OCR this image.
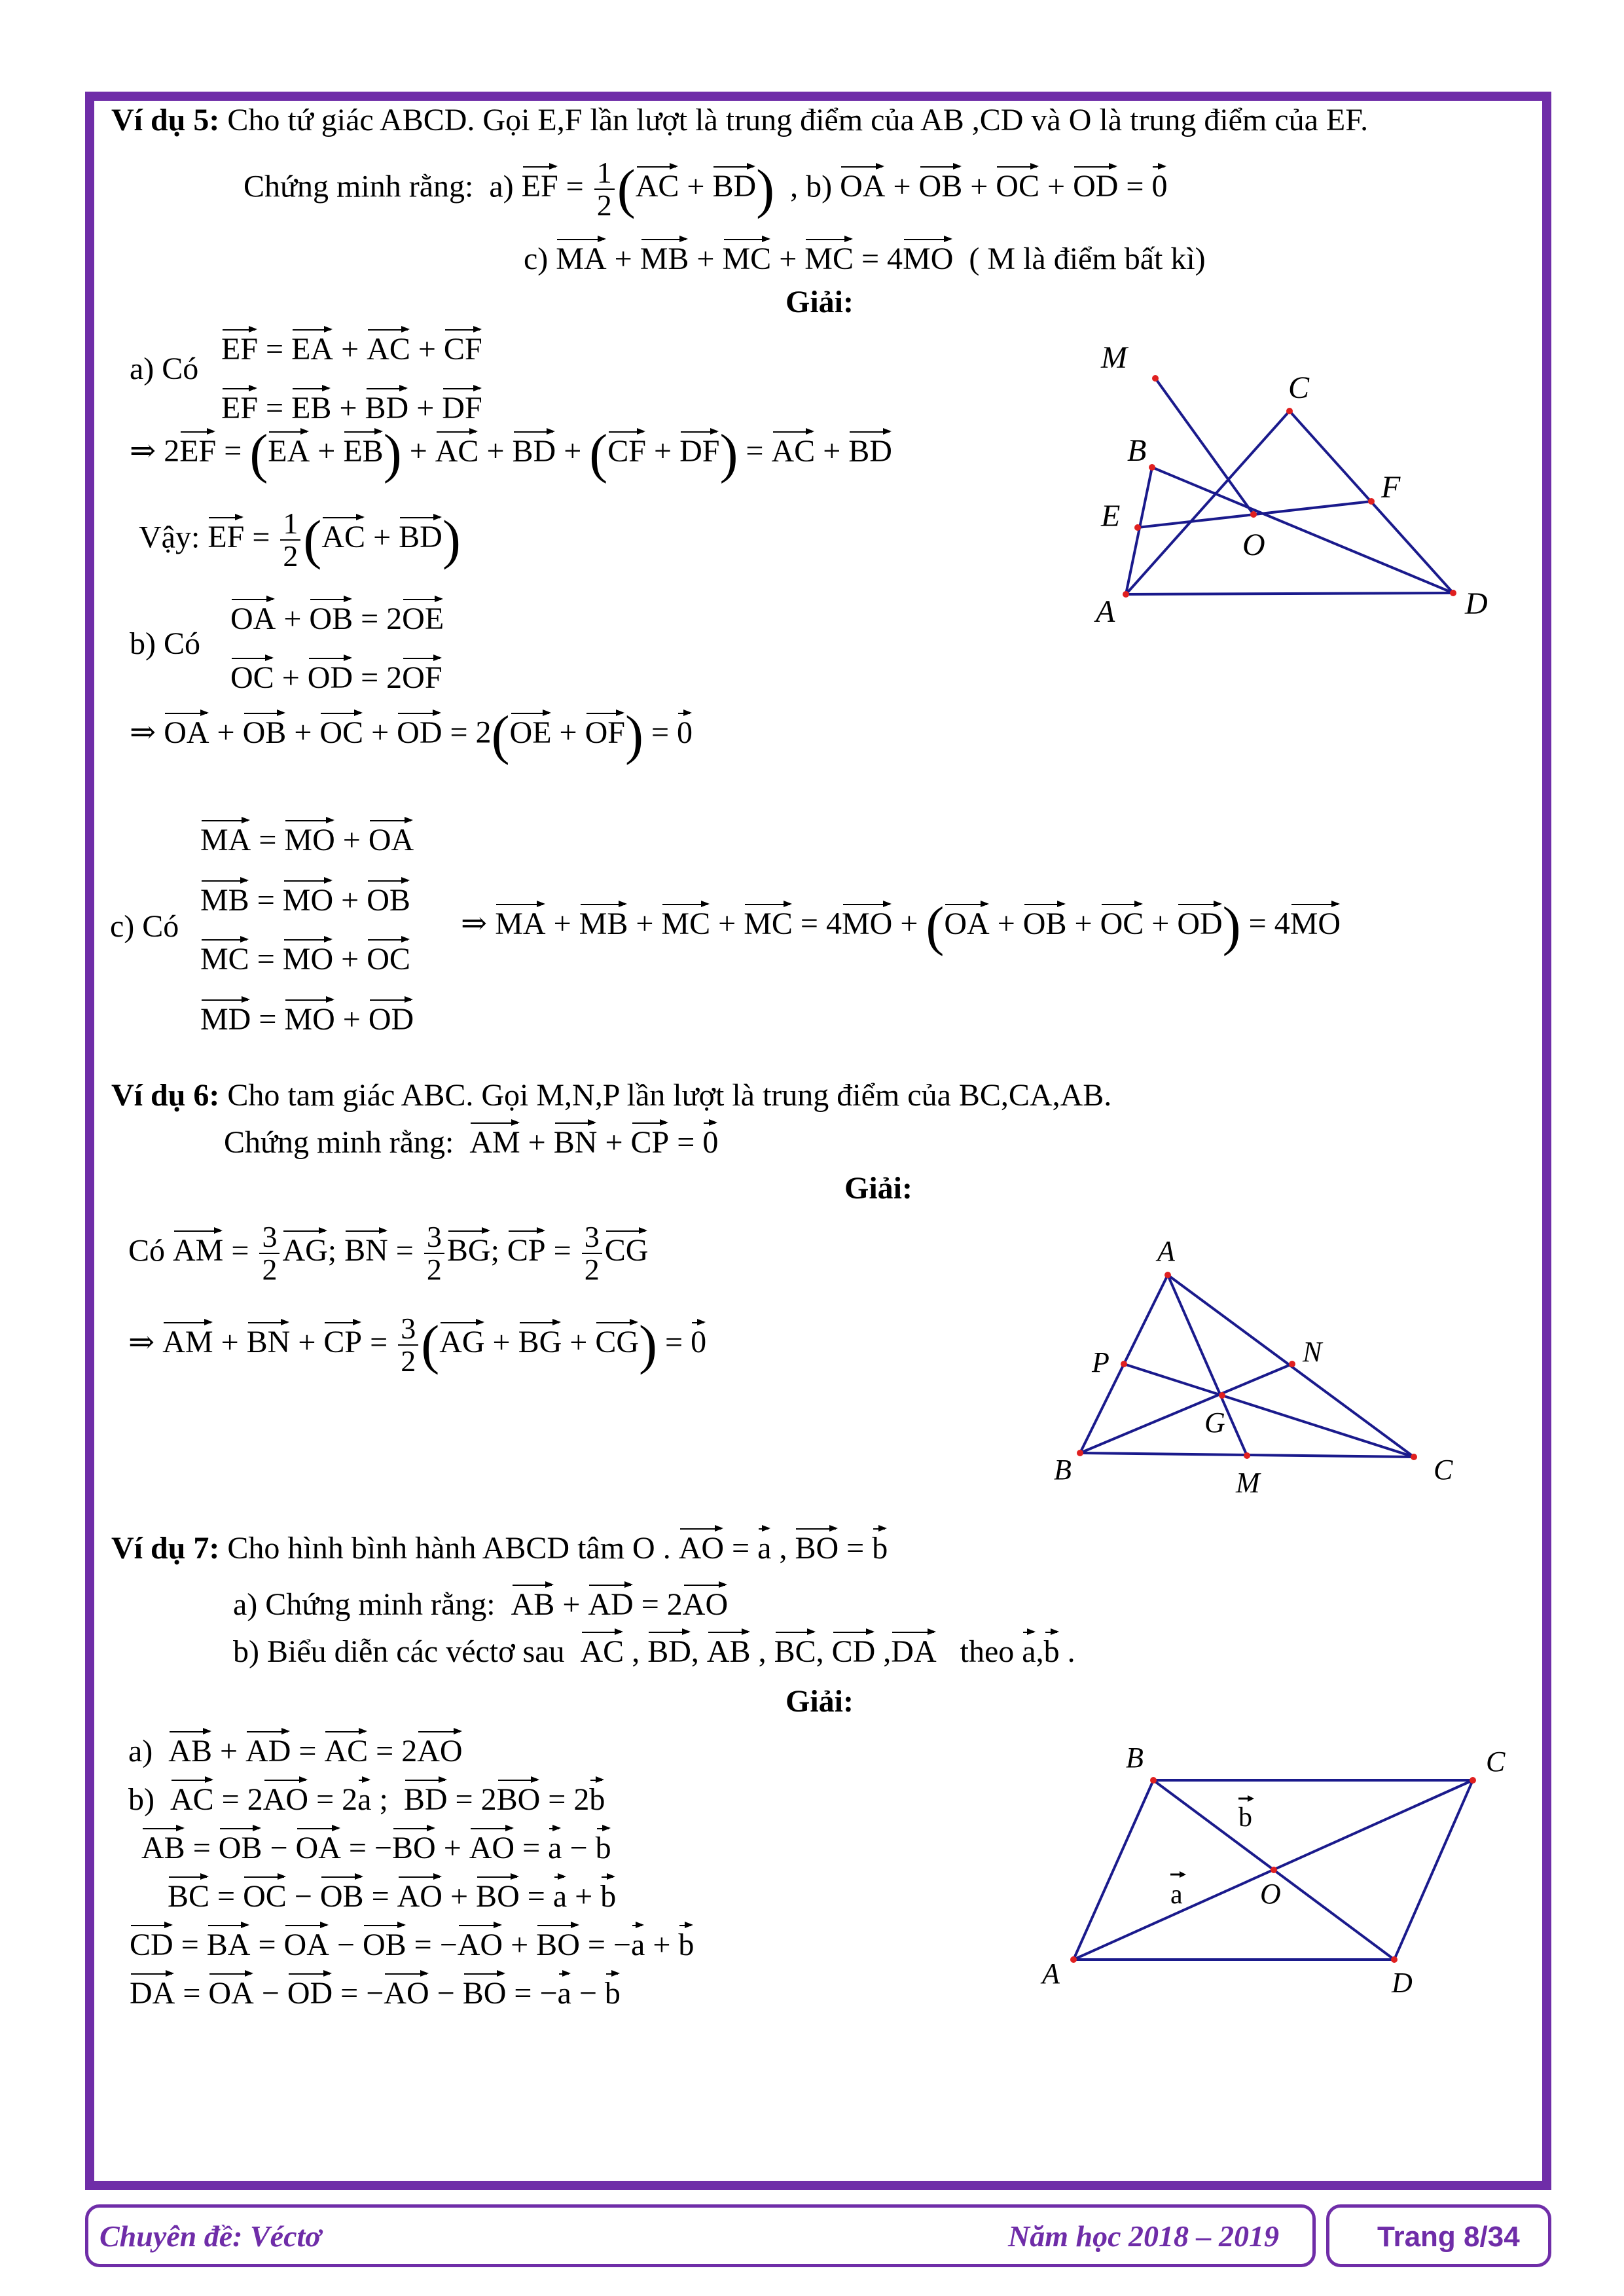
Ví dụ 5: Cho tứ giác ABCD. Gọi E,F lần lượt là trung điểm của AB ,CD và O là trung điểm của EF.
Chứng minh rằng:  a) EF = $\frac{1}{2} (AC + BD)$  , b) OA + OB + OC + OD = 0
c) MA + MB + MC + MC = 4MO ( M là điểm bất kì)
Giải:
a) Có
EF = EA + AC + CF
EF = EB + BD + DF
⇒ 2EF = (EA + EB) + AC + BD + (CF + DF) = AC + BD
Vậy: EF = $\frac{1}{2} (AC + BD)$
b) Có
OA + OB = 2OE
OC + OD = 2OF
⇒ OA + OB + OC + OD = 2(OE + OF) = 0
MA = MO + OA
MB = MO + OB
c) Có	⇒ MA + MB + MC + MC = 4MO + (OA + OB + OC + OD) = 4MO
MC = MO + OC
MD = MO + OD
M
C
B
F
E
O
A	D
Ví dụ 6: Cho tam giác ABC. Gọi M,N,P lần lượt là trung điểm của BC,CA,AB.
Chứng minh rằng: AM + BN + CP = 0
Giải:
Có AM = $\frac{3}{2}$ AG; BN = $\frac{3}{2}$ BG; CP = $\frac{3}{2}$ CG
⇒ AM + BN + CP = $\frac{3}{2} (AG$ + BG + CG) = 0
A
P	N
G
B	C
M
Ví dụ 7: Cho hình bình hành ABCD tâm O . AO = a , BO = b
a) Chứng minh rằng: AB + AD = 2AO
b) Biểu diễn các véctơ sau AC , BD, AB , BC, CD ,DA theo a,b .
Giải:
a)  AB + AD = AC = 2AO
b)  AC = 2AO = 2a ;  BD = 2BO = 2b
AB = OB − OA = −BO + AO = a − b
BC = OC − OB = AO + BO = a + b
CD = BA = OA − OB = −AO + BO = −a + b
DA = OA − OD = −AO − BO = −a − b
B	C
O
A	D
b
a
Chuyên đề: Véctơ	Năm học 2018 – 2019	Trang 8/34
